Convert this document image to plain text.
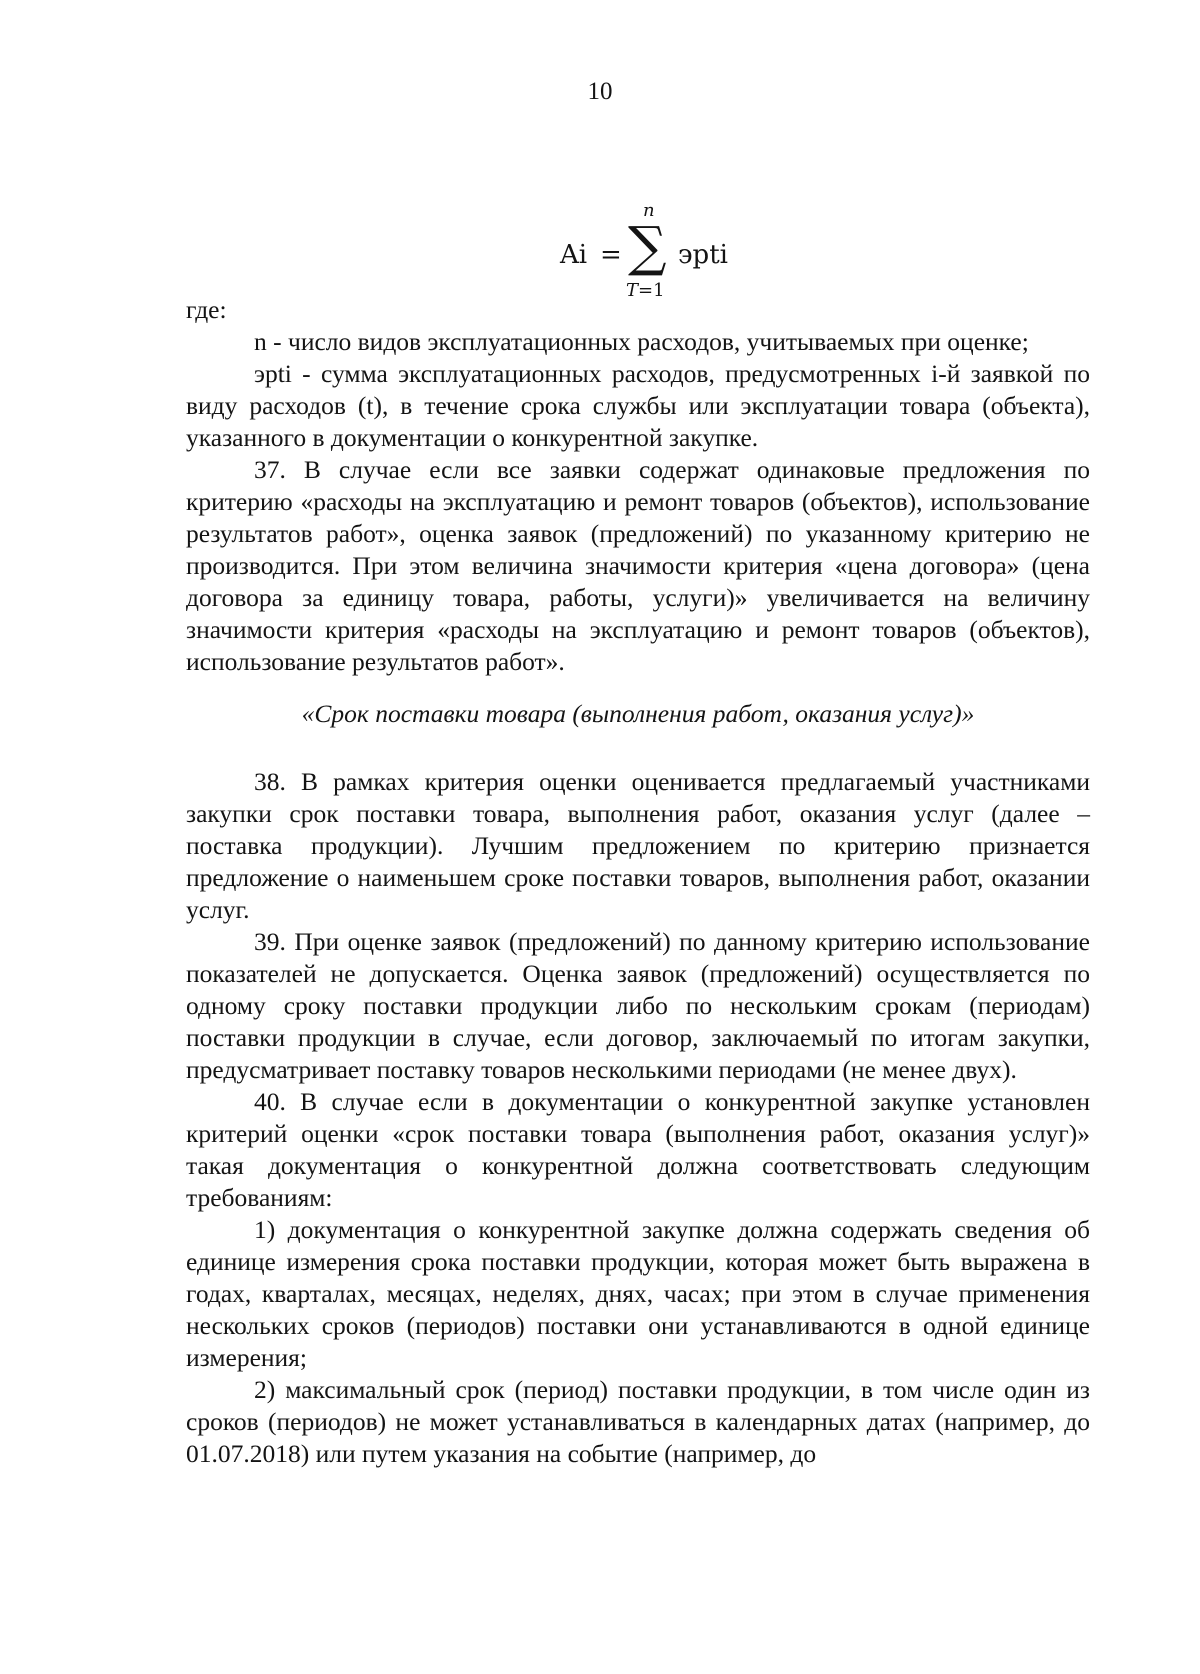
10
Ai =
n
∑
T=1
эpti

где:

n - число видов эксплуатационных расходов, учитываемых при оценке;

эpti - сумма эксплуатационных расходов, предусмотренных i-й заявкой по виду расходов (t), в течение срока службы или эксплуатации товара (объекта), указанного в документации о конкурентной закупке.

37. В случае если все заявки содержат одинаковые предложения по критерию «расходы на эксплуатацию и ремонт товаров (объектов), использование результатов работ», оценка заявок (предложений) по указанному критерию не производится. При этом величина значимости критерия «цена договора» (цена договора за единицу товара, работы, услуги)» увеличивается на величину значимости критерия «расходы на эксплуатацию и ремонт товаров (объектов), использование результатов работ».

«Срок поставки товара (выполнения работ, оказания услуг)»

38. В рамках критерия оценки оценивается предлагаемый участниками закупки срок поставки товара, выполнения работ, оказания услуг (далее – поставка продукции). Лучшим предложением по критерию признается предложение о наименьшем сроке поставки товаров, выполнения работ, оказании услуг.

39. При оценке заявок (предложений) по данному критерию использование показателей не допускается. Оценка заявок (предложений) осуществляется по одному сроку поставки продукции либо по нескольким срокам (периодам) поставки продукции в случае, если договор, заключаемый по итогам закупки, предусматривает поставку товаров несколькими периодами (не менее двух).

40. В случае если в документации о конкурентной закупке установлен критерий оценки «срок поставки товара (выполнения работ, оказания услуг)» такая документация о конкурентной должна соответствовать следующим требованиям:

1) документация о конкурентной закупке должна содержать сведения об единице измерения срока поставки продукции, которая может быть выражена в годах, кварталах, месяцах, неделях, днях, часах; при этом в случае применения нескольких сроков (периодов) поставки они устанавливаются в одной единице измерения;

2) максимальный срок (период) поставки продукции, в том числе один из сроков (периодов) не может устанавливаться в календарных датах (например, до 01.07.2018) или путем указания на событие (например, до
